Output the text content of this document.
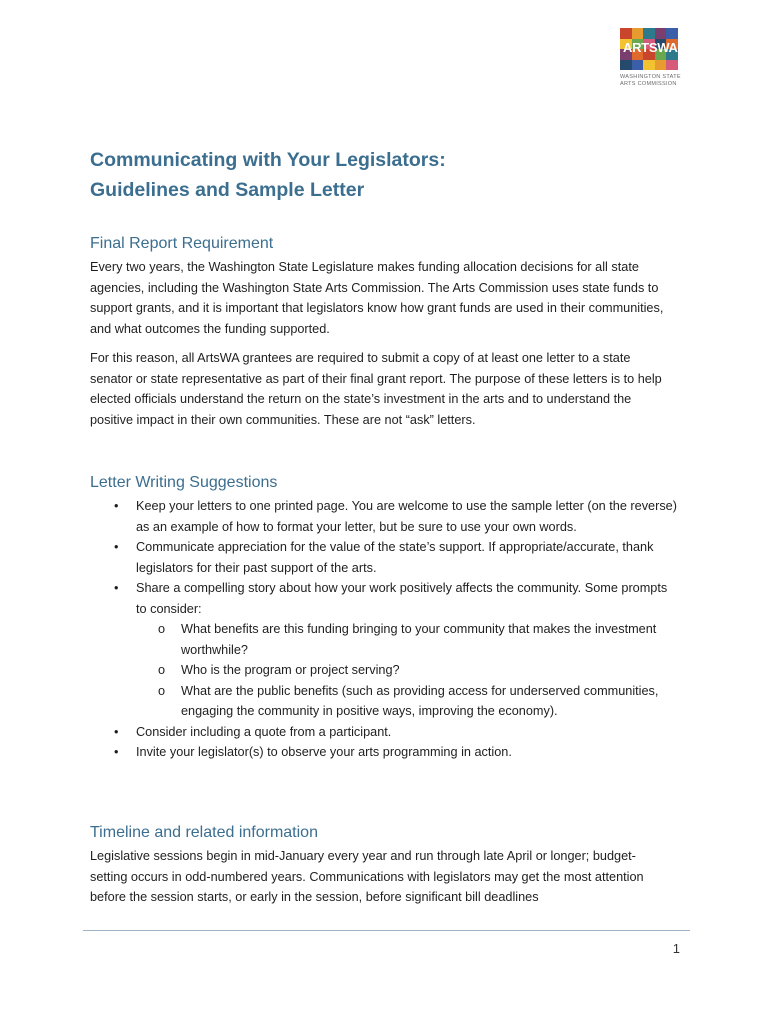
ARTSWA
WASHINGTON STATE
ARTS COMMISSION
Communicating with Your Legislators:
Guidelines and Sample Letter
Final Report Requirement

Every two years, the Washington State Legislature makes funding allocation decisions for all state agencies, including the Washington State Arts Commission. The Arts Commission uses state funds to support grants, and it is important that legislators know how grant funds are used in their communities, and what outcomes the funding supported.

For this reason, all ArtsWA grantees are required to submit a copy of at least one letter to a state senator or state representative as part of their final grant report. The purpose of these letters is to help elected officials understand the return on the state’s investment in the arts and to understand the positive impact in their own communities. These are not “ask” letters.

Letter Writing Suggestions
• Keep your letters to one printed page. You are welcome to use the sample letter (on the reverse) as an example of how to format your letter, but be sure to use your own words.
• Communicate appreciation for the value of the state’s support. If appropriate/accurate, thank legislators for their past support of the arts.
• Share a compelling story about how your work positively affects the community. Some prompts to consider:
o What benefits are this funding bringing to your community that makes the investment worthwhile?
o Who is the program or project serving?
o What are the public benefits (such as providing access for underserved communities, engaging the community in positive ways, improving the economy).
• Consider including a quote from a participant.
• Invite your legislator(s) to observe your arts programming in action.
Timeline and related information

Legislative sessions begin in mid-January every year and run through late April or longer; budget-setting occurs in odd-numbered years. Communications with legislators may get the most attention before the session starts, or early in the session, before significant bill deadlines

1
